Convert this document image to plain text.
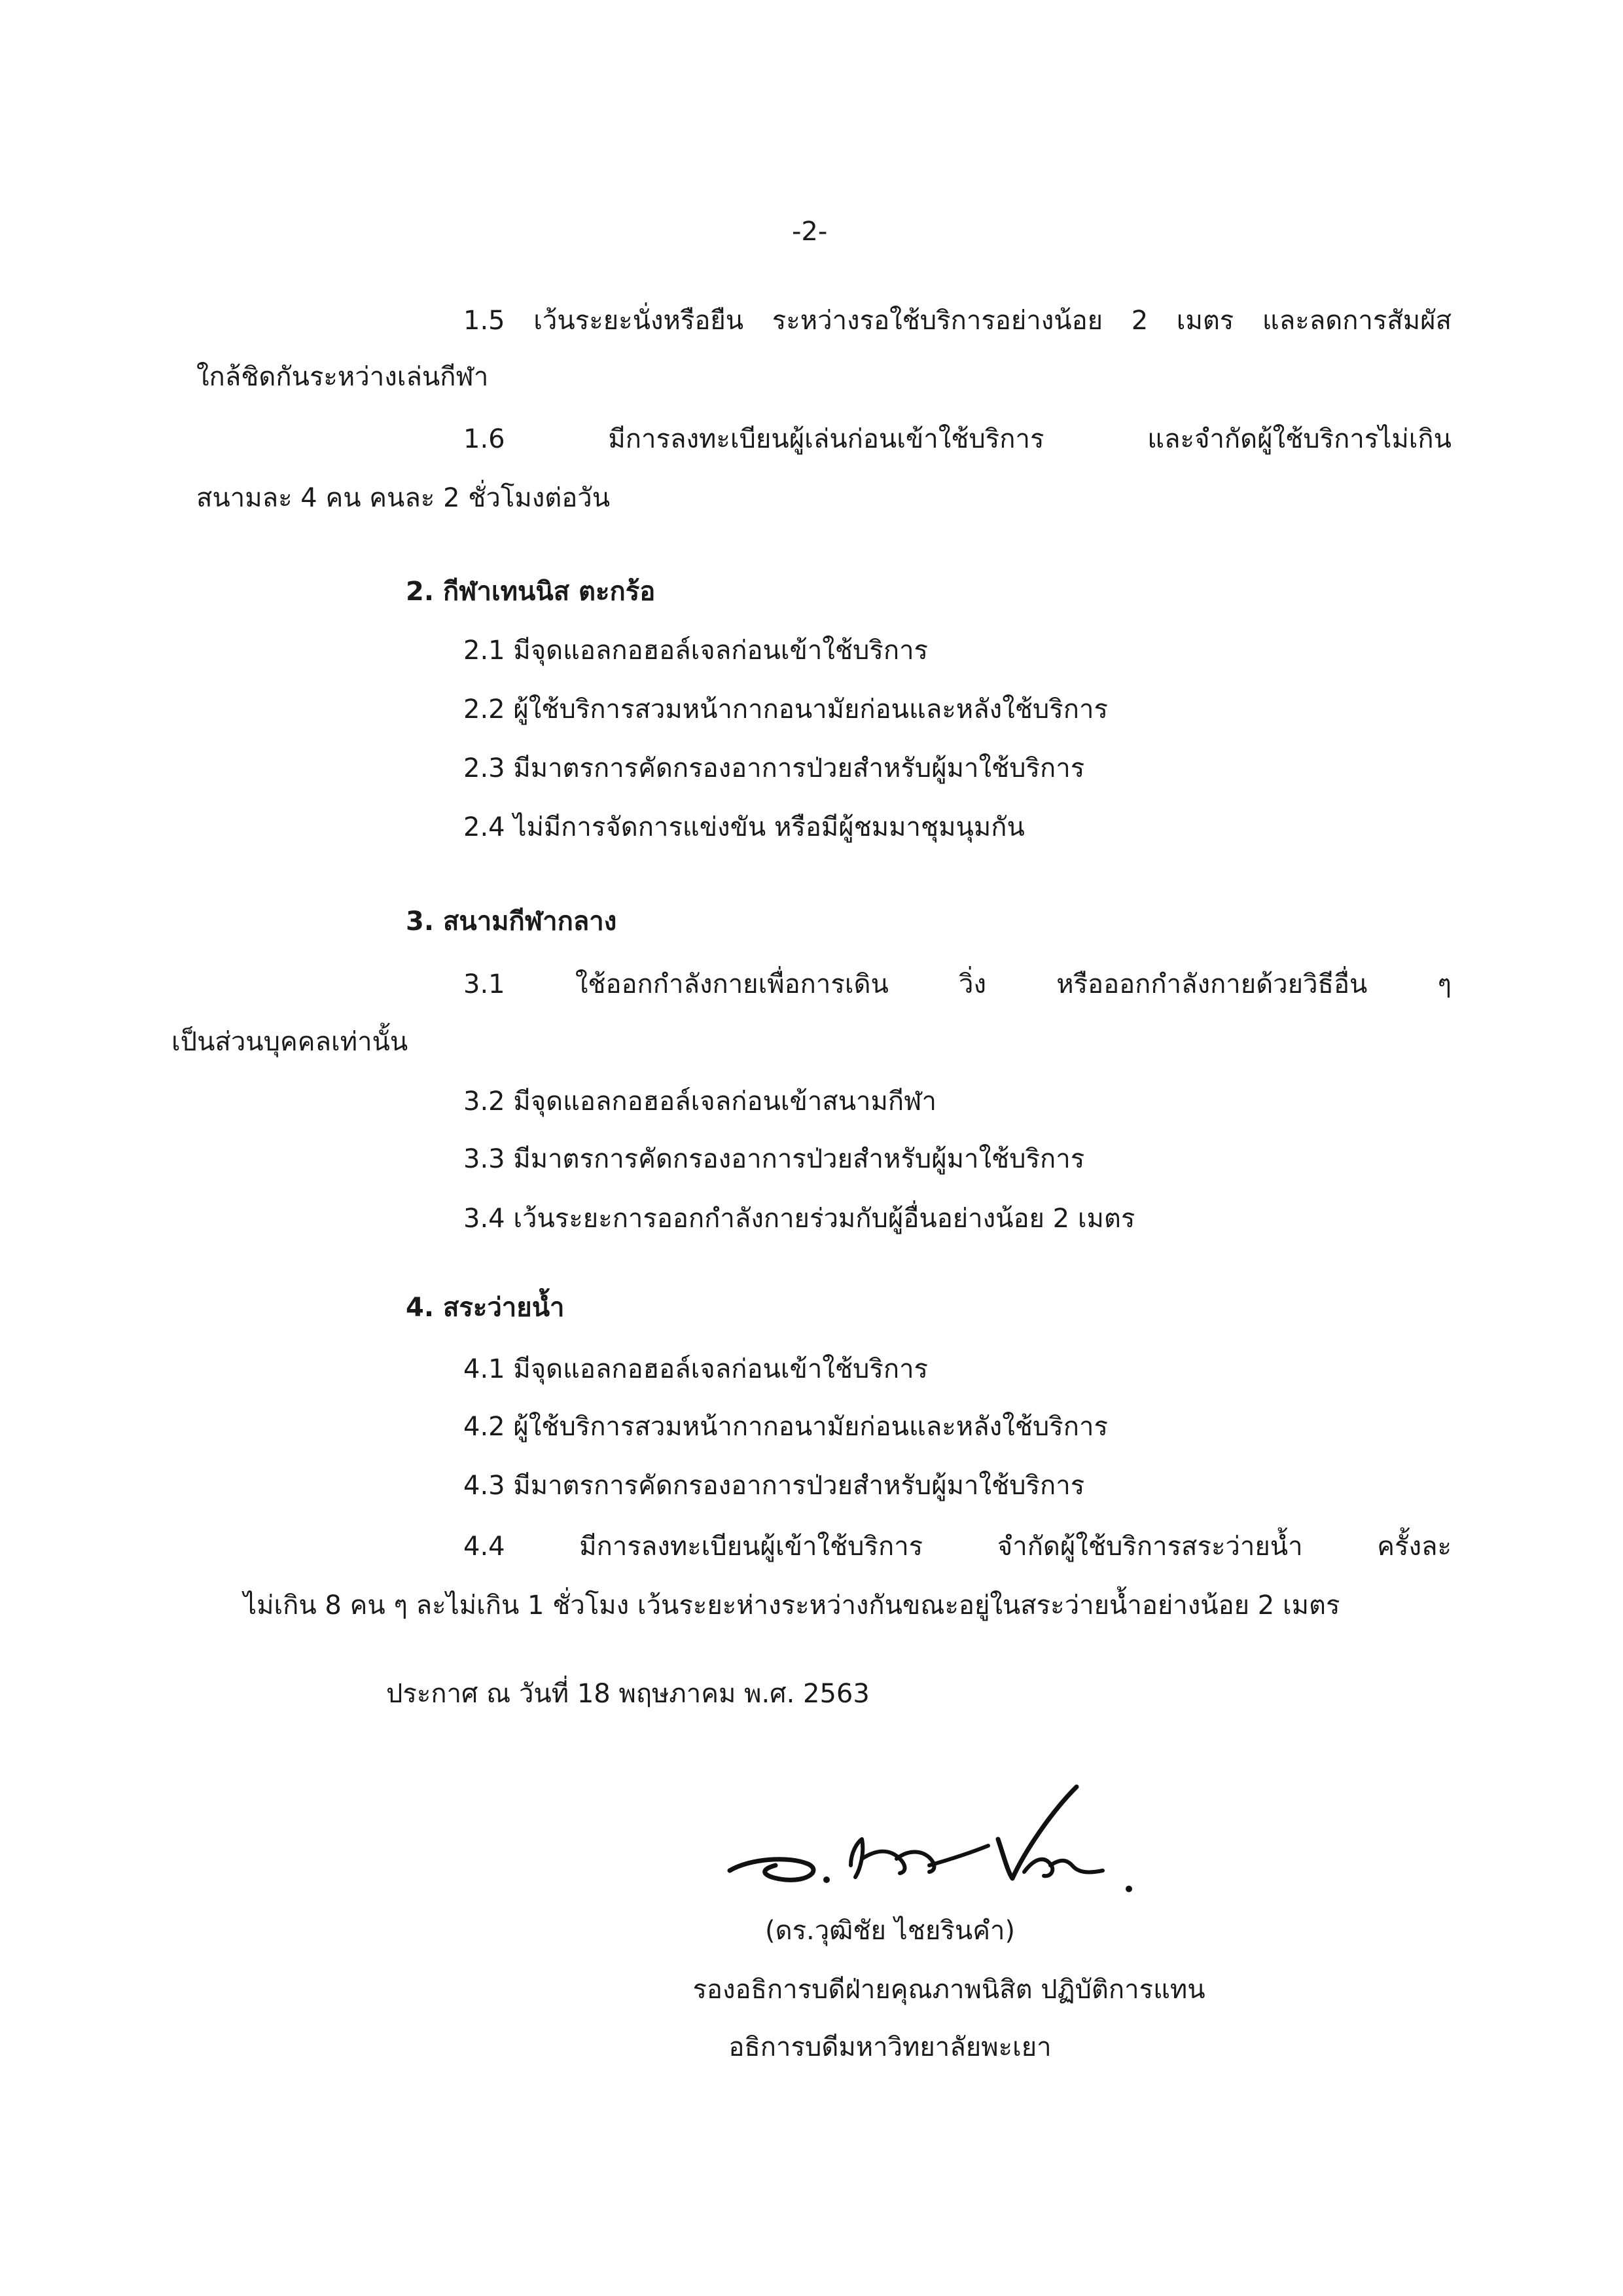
-2-
1.5 เว้นระยะนั่งหรือยืน ระหว่างรอใช้บริการอย่างน้อย 2 เมตร และลดการสัมผัส
ใกล้ชิดกันระหว่างเล่นกีฬา
1.6 มีการลงทะเบียนผู้เล่นก่อนเข้าใช้บริการ และจำกัดผู้ใช้บริการไม่เกิน
สนามละ 4 คน คนละ 2 ชั่วโมงต่อวัน
2. กีฬาเทนนิส ตะกร้อ
2.1 มีจุดแอลกอฮอล์เจลก่อนเข้าใช้บริการ
2.2 ผู้ใช้บริการสวมหน้ากากอนามัยก่อนและหลังใช้บริการ
2.3 มีมาตรการคัดกรองอาการป่วยสำหรับผู้มาใช้บริการ
2.4 ไม่มีการจัดการแข่งขัน หรือมีผู้ชมมาชุมนุมกัน
3. สนามกีฬากลาง
3.1 ใช้ออกกำลังกายเพื่อการเดิน วิ่ง หรือออกกำลังกายด้วยวิธีอื่น ๆ
เป็นส่วนบุคคลเท่านั้น
3.2 มีจุดแอลกอฮอล์เจลก่อนเข้าสนามกีฬา
3.3 มีมาตรการคัดกรองอาการป่วยสำหรับผู้มาใช้บริการ
3.4 เว้นระยะการออกกำลังกายร่วมกับผู้อื่นอย่างน้อย 2 เมตร
4. สระว่ายน้ำ
4.1 มีจุดแอลกอฮอล์เจลก่อนเข้าใช้บริการ
4.2 ผู้ใช้บริการสวมหน้ากากอนามัยก่อนและหลังใช้บริการ
4.3 มีมาตรการคัดกรองอาการป่วยสำหรับผู้มาใช้บริการ
4.4 มีการลงทะเบียนผู้เข้าใช้บริการ จำกัดผู้ใช้บริการสระว่ายน้ำ ครั้งละ
ไม่เกิน 8 คน ๆ ละไม่เกิน 1 ชั่วโมง เว้นระยะห่างระหว่างกันขณะอยู่ในสระว่ายน้ำอย่างน้อย 2 เมตร
ประกาศ ณ วันที่ 18 พฤษภาคม พ.ศ. 2563
(ดร.วุฒิชัย ไชยรินคำ)
รองอธิการบดีฝ่ายคุณภาพนิสิต ปฏิบัติการแทน
อธิการบดีมหาวิทยาลัยพะเยา
